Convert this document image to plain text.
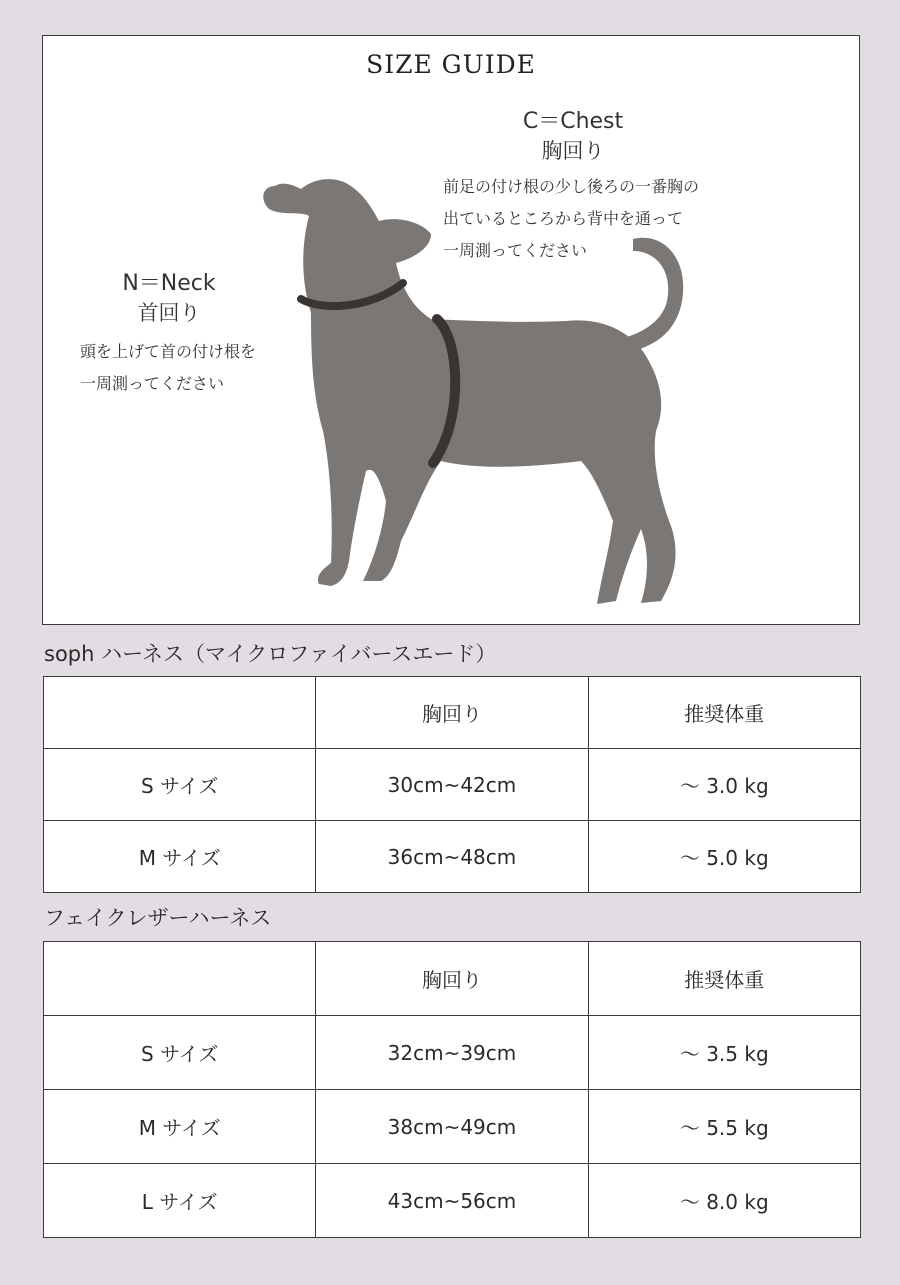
SIZE GUIDE
C＝Chest
胸回り
前足の付け根の少し後ろの一番胸の
出ているところから背中を通って
一周測ってください
N＝Neck
首回り
頭を上げて首の付け根を
一周測ってください
soph ハーネス（マイクロファイバースエード）
	胸回り	推奨体重
S サイズ	30cm~42cm	～ 3.0 kg
M サイズ	36cm~48cm	～ 5.0 kg
フェイクレザーハーネス
	胸回り	推奨体重
S サイズ	32cm~39cm	～ 3.5 kg
M サイズ	38cm~49cm	～ 5.5 kg
L サイズ	43cm~56cm	～ 8.0 kg
